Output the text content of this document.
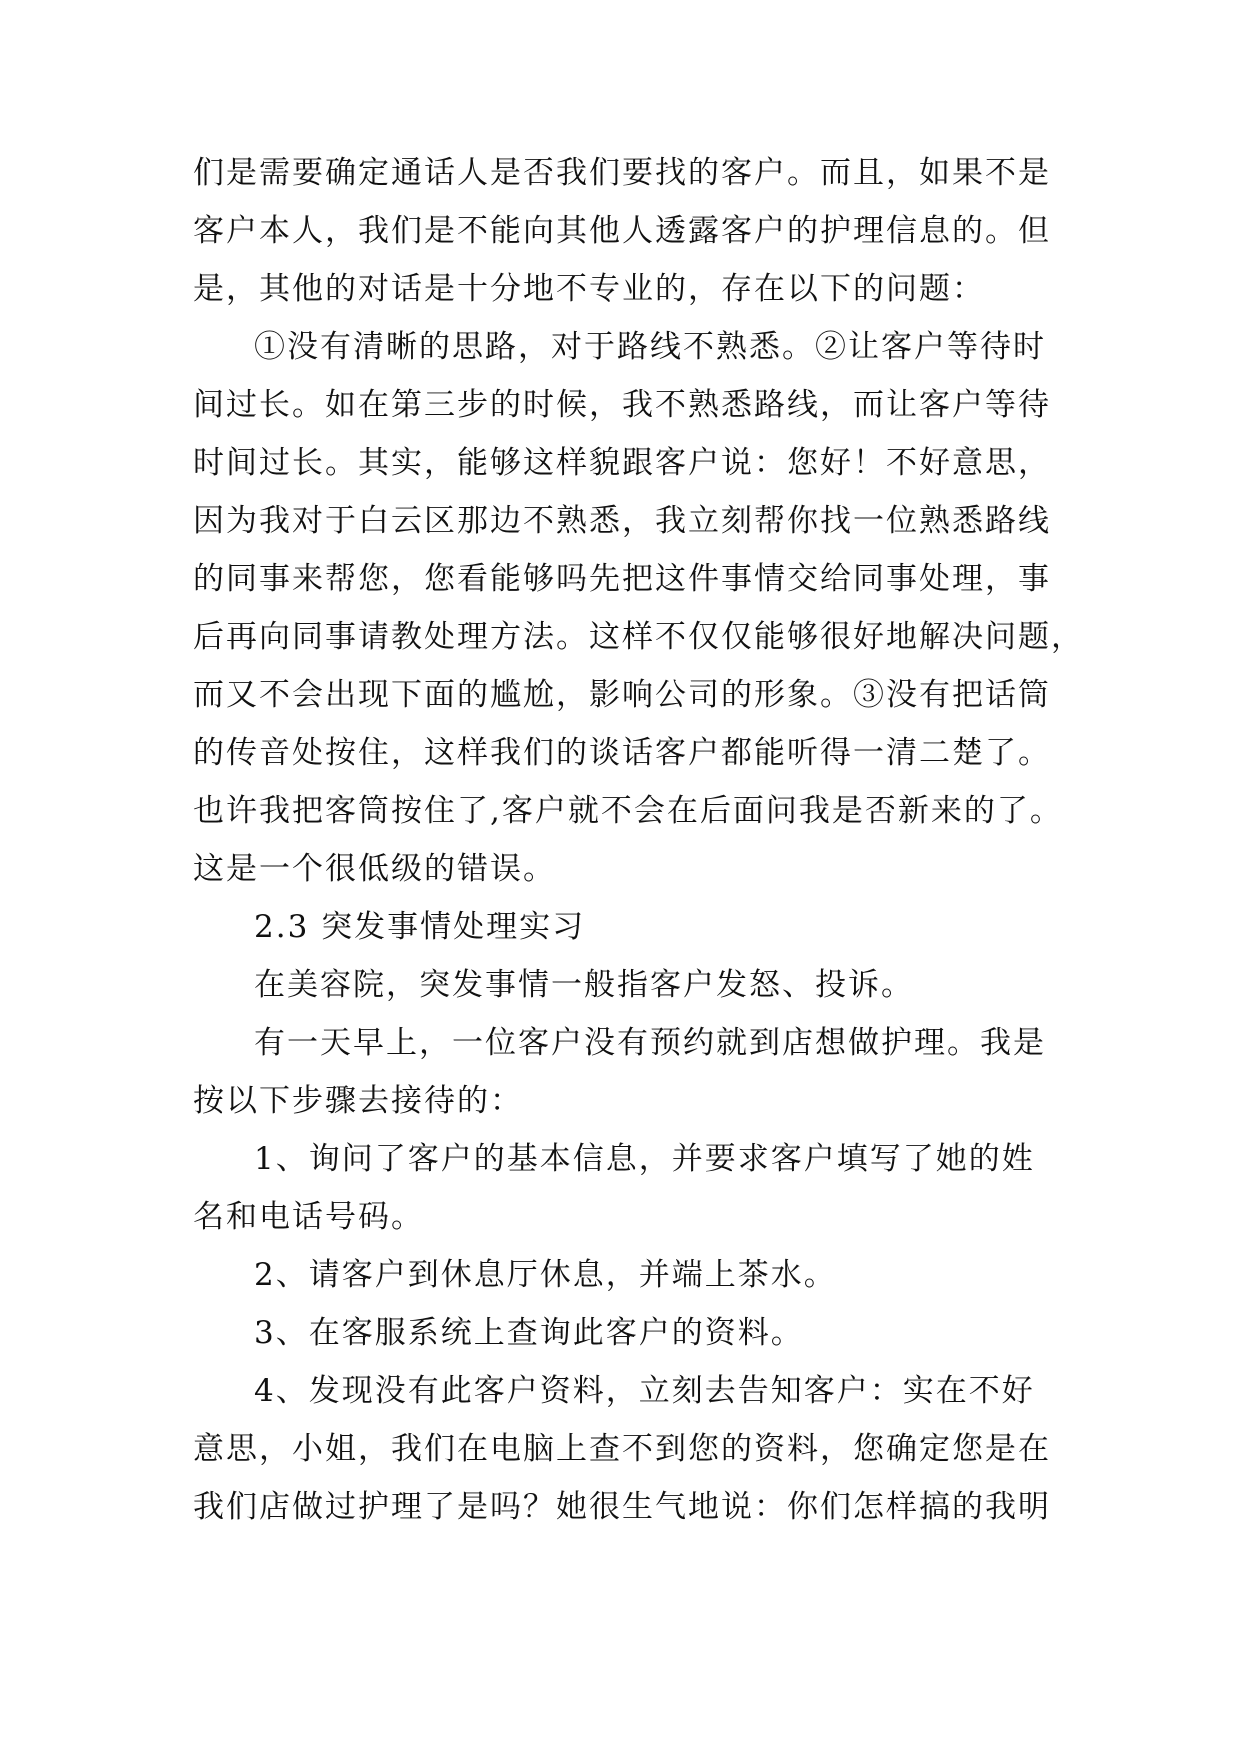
们是需要确定通话人是否我们要找的客户。而且，如果不是
客户本人，我们是不能向其他人透露客户的护理信息的。但
是，其他的对话是十分地不专业的，存在以下的问题：
①没有清晰的思路，对于路线不熟悉。②让客户等待时
间过长。如在第三步的时候，我不熟悉路线，而让客户等待
时间过长。其实，能够这样貌跟客户说：您好！不好意思，
因为我对于白云区那边不熟悉，我立刻帮你找一位熟悉路线
的同事来帮您，您看能够吗先把这件事情交给同事处理，事
后再向同事请教处理方法。这样不仅仅能够很好地解决问题，
而又不会出现下面的尴尬，影响公司的形象。③没有把话筒
的传音处按住，这样我们的谈话客户都能听得一清二楚了。
也许我把客筒按住了,客户就不会在后面问我是否新来的了。
这是一个很低级的错误。
2.3 突发事情处理实习
在美容院，突发事情一般指客户发怒、投诉。
有一天早上，一位客户没有预约就到店想做护理。我是
按以下步骤去接待的：
1、询问了客户的基本信息，并要求客户填写了她的姓
名和电话号码。
2、请客户到休息厅休息，并端上茶水。
3、在客服系统上查询此客户的资料。
4、发现没有此客户资料，立刻去告知客户：实在不好
意思，小姐，我们在电脑上查不到您的资料，您确定您是在
我们店做过护理了是吗？她很生气地说：你们怎样搞的我明
